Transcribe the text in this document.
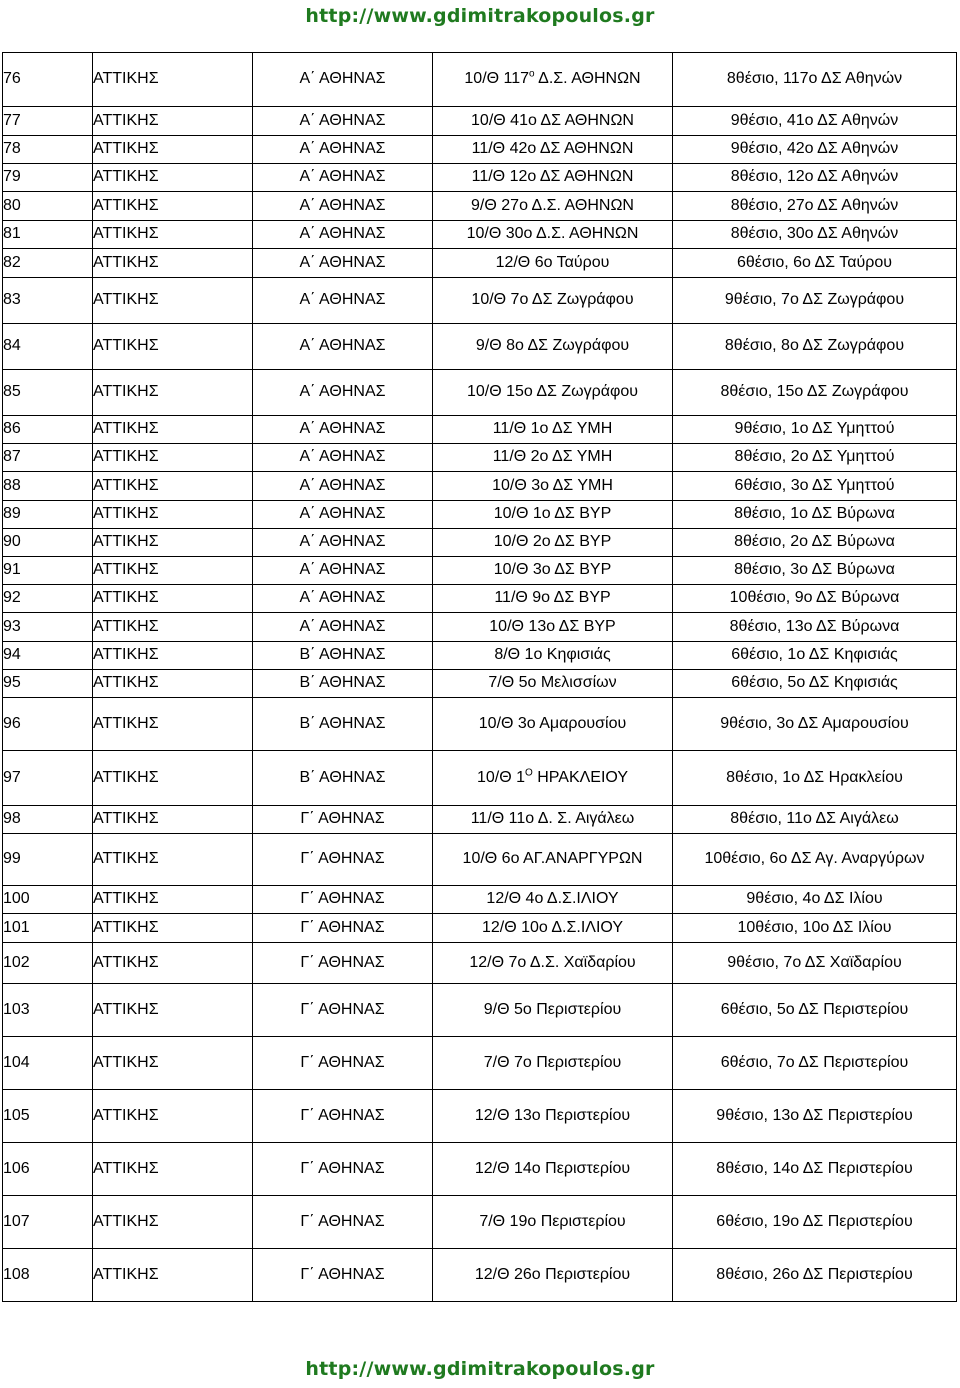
http://www.gdimitrakopoulos.gr
76	ΑΤΤΙΚΗΣ	Α΄ ΑΘΗΝΑΣ	10/Θ $117^o$ Δ.Σ. ΑΘΗΝΩΝ	8θέσιο, 117ο ΔΣ Αθηνών
77	ΑΤΤΙΚΗΣ	Α΄ ΑΘΗΝΑΣ	10/Θ 41ο ΔΣ ΑΘΗΝΩΝ	9θέσιο, 41ο ΔΣ Αθηνών
78	ΑΤΤΙΚΗΣ	Α΄ ΑΘΗΝΑΣ	11/Θ 42ο ΔΣ ΑΘΗΝΩΝ	9θέσιο, 42ο ΔΣ Αθηνών
79	ΑΤΤΙΚΗΣ	Α΄ ΑΘΗΝΑΣ	11/Θ 12ο ΔΣ ΑΘΗΝΩΝ	8θέσιο, 12ο ΔΣ Αθηνών
80	ΑΤΤΙΚΗΣ	Α΄ ΑΘΗΝΑΣ	9/Θ 27ο Δ.Σ. ΑΘΗΝΩΝ	8θέσιο, 27ο ΔΣ Αθηνών
81	ΑΤΤΙΚΗΣ	Α΄ ΑΘΗΝΑΣ	10/Θ 30ο Δ.Σ. ΑΘΗΝΩΝ	8θέσιο, 30ο ΔΣ Αθηνών
82	ΑΤΤΙΚΗΣ	Α΄ ΑΘΗΝΑΣ	12/Θ 6ο Ταύρου	6θέσιο, 6ο ΔΣ Ταύρου
83	ΑΤΤΙΚΗΣ	Α΄ ΑΘΗΝΑΣ	10/Θ 7ο ΔΣ Ζωγράφου	9θέσιο, 7ο ΔΣ Ζωγράφου
84	ΑΤΤΙΚΗΣ	Α΄ ΑΘΗΝΑΣ	9/Θ 8ο ΔΣ Ζωγράφου	8θέσιο, 8ο ΔΣ Ζωγράφου
85	ΑΤΤΙΚΗΣ	Α΄ ΑΘΗΝΑΣ	10/Θ 15ο ΔΣ Ζωγράφου	8θέσιο, 15ο ΔΣ Ζωγράφου
86	ΑΤΤΙΚΗΣ	Α΄ ΑΘΗΝΑΣ	11/Θ 1ο ΔΣ ΥΜΗ	9θέσιο, 1ο ΔΣ Υμηττού
87	ΑΤΤΙΚΗΣ	Α΄ ΑΘΗΝΑΣ	11/Θ 2ο ΔΣ ΥΜΗ	8θέσιο, 2ο ΔΣ Υμηττού
88	ΑΤΤΙΚΗΣ	Α΄ ΑΘΗΝΑΣ	10/Θ 3ο ΔΣ ΥΜΗ	6θέσιο, 3ο ΔΣ Υμηττού
89	ΑΤΤΙΚΗΣ	Α΄ ΑΘΗΝΑΣ	10/Θ 1ο ΔΣ ΒΥΡ	8θέσιο, 1ο ΔΣ Βύρωνα
90	ΑΤΤΙΚΗΣ	Α΄ ΑΘΗΝΑΣ	10/Θ 2ο ΔΣ ΒΥΡ	8θέσιο, 2ο ΔΣ Βύρωνα
91	ΑΤΤΙΚΗΣ	Α΄ ΑΘΗΝΑΣ	10/Θ 3ο ΔΣ ΒΥΡ	8θέσιο, 3ο ΔΣ Βύρωνα
92	ΑΤΤΙΚΗΣ	Α΄ ΑΘΗΝΑΣ	11/Θ 9ο ΔΣ ΒΥΡ	10θέσιο, 9ο ΔΣ Βύρωνα
93	ΑΤΤΙΚΗΣ	Α΄ ΑΘΗΝΑΣ	10/Θ 13ο ΔΣ ΒΥΡ	8θέσιο, 13ο ΔΣ Βύρωνα
94	ΑΤΤΙΚΗΣ	Β΄ ΑΘΗΝΑΣ	8/Θ 1ο Κηφισιάς	6θέσιο, 1ο ΔΣ Κηφισιάς
95	ΑΤΤΙΚΗΣ	Β΄ ΑΘΗΝΑΣ	7/Θ 5ο Μελισσίων	6θέσιο, 5ο ΔΣ Κηφισιάς
96	ΑΤΤΙΚΗΣ	Β΄ ΑΘΗΝΑΣ	10/Θ 3ο Αμαρουσίου	9θέσιο, 3ο ΔΣ Αμαρουσίου
97	ΑΤΤΙΚΗΣ	Β΄ ΑΘΗΝΑΣ	10/Θ $1^O$ ΗΡΑΚΛΕΙΟΥ	8θέσιο, 1ο ΔΣ Ηρακλείου
98	ΑΤΤΙΚΗΣ	Γ΄ ΑΘΗΝΑΣ	11/Θ 11ο Δ. Σ. Αιγάλεω	8θέσιο, 11ο ΔΣ Αιγάλεω
99	ΑΤΤΙΚΗΣ	Γ΄ ΑΘΗΝΑΣ	10/Θ 6ο ΑΓ.ΑΝΑΡΓΥΡΩΝ	10θέσιο, 6ο ΔΣ Αγ. Αναργύρων
100	ΑΤΤΙΚΗΣ	Γ΄ ΑΘΗΝΑΣ	12/Θ 4ο Δ.Σ.ΙΛΙΟΥ	9θέσιο, 4ο ΔΣ Ιλίου
101	ΑΤΤΙΚΗΣ	Γ΄ ΑΘΗΝΑΣ	12/Θ 10ο Δ.Σ.ΙΛΙΟΥ	10θέσιο, 10ο ΔΣ Ιλίου
102	ΑΤΤΙΚΗΣ	Γ΄ ΑΘΗΝΑΣ	12/Θ 7ο Δ.Σ. Χαϊδαρίου	9θέσιο, 7ο ΔΣ Χαϊδαρίου
103	ΑΤΤΙΚΗΣ	Γ΄ ΑΘΗΝΑΣ	9/Θ 5ο Περιστερίου	6θέσιο, 5ο ΔΣ Περιστερίου
104	ΑΤΤΙΚΗΣ	Γ΄ ΑΘΗΝΑΣ	7/Θ 7ο Περιστερίου	6θέσιο, 7ο ΔΣ Περιστερίου
105	ΑΤΤΙΚΗΣ	Γ΄ ΑΘΗΝΑΣ	12/Θ 13ο Περιστερίου	9θέσιο, 13ο ΔΣ Περιστερίου
106	ΑΤΤΙΚΗΣ	Γ΄ ΑΘΗΝΑΣ	12/Θ 14ο Περιστερίου	8θέσιο, 14ο ΔΣ Περιστερίου
107	ΑΤΤΙΚΗΣ	Γ΄ ΑΘΗΝΑΣ	7/Θ 19ο Περιστερίου	6θέσιο, 19ο ΔΣ Περιστερίου
108	ΑΤΤΙΚΗΣ	Γ΄ ΑΘΗΝΑΣ	12/Θ 26ο Περιστερίου	8θέσιο, 26ο ΔΣ Περιστερίου
http://www.gdimitrakopoulos.gr
